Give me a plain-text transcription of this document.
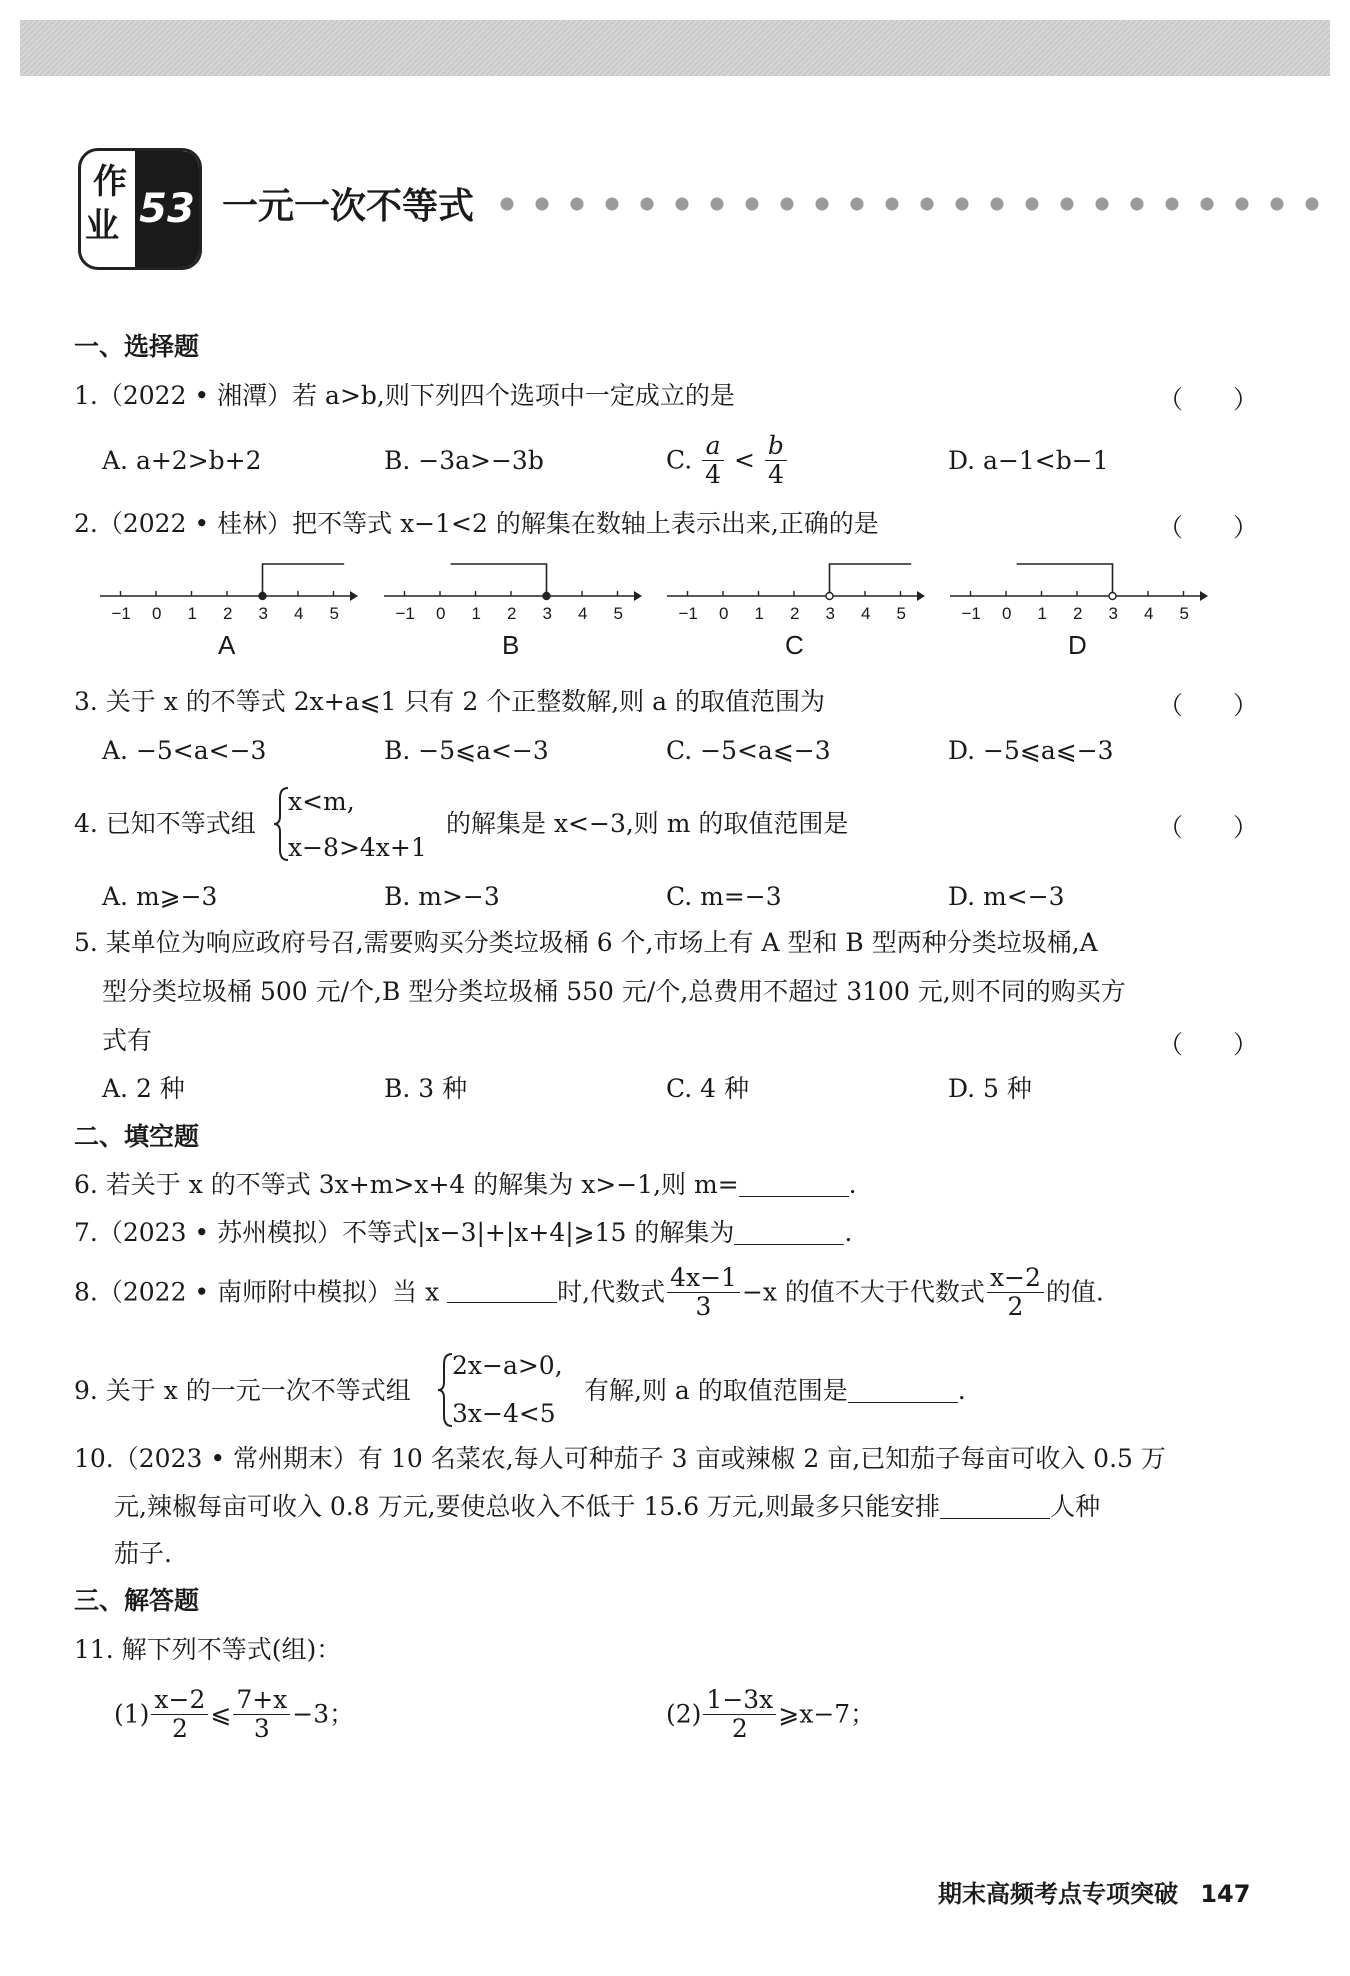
作
业 53 一元一次不等式
一、选择题
1.（2022 • 湘潭）若 a>b,则下列四个选项中一定成立的是	（　　）
A. a+2>b+2	B. −3a>−3b	C. $\frac{a}{4} < \frac{b}{4}$	D. a−1<b−1
2.（2022 • 桂林）把不等式 x−1<2 的解集在数轴上表示出来,正确的是	（　　）
−1 0 1 2 3 4 5
A
−1 0 1 2 3 4 5
B
−1 0 1 2 3 4 5
C
−1 0 1 2 3 4 5
D
3. 关于 x 的不等式 2x+a⩽1 只有 2 个正整数解,则 a 的取值范围为	（　　）
A. −5<a<−3	B. −5⩽a<−3	C. −5<a⩽−3	D. −5⩽a⩽−3
4. 已知不等式组
x<m,
x−8>4x+1
的解集是 x<−3,则 m 的取值范围是	（　　）
A. m⩾−3	B. m>−3	C. m=−3	D. m<−3
5. 某单位为响应政府号召,需要购买分类垃圾桶 6 个,市场上有 A 型和 B 型两种分类垃圾桶,A
型分类垃圾桶 500 元/个,B 型分类垃圾桶 550 元/个,总费用不超过 3100 元,则不同的购买方
式有	（　　）
A. 2 种	B. 3 种	C. 4 种	D. 5 种
二、填空题
6. 若关于 x 的不等式 3x+m>x+4 的解集为 x>−1,则 m=	.
7.（2023 • 苏州模拟）不等式|x−3|+|x+4|⩾15 的解集为	.
8.（2022 • 南师附中模拟）当 x	时,代数式 $\frac{4x-1}{3} -x$ 的值不大于代数式 $\frac{x-2}{2}$ 的值.
9. 关于 x 的一元一次不等式组
2x−a>0,
3x−4<5
有解,则 a 的取值范围是	.
10.（2023 • 常州期末）有 10 名菜农,每人可种茄子 3 亩或辣椒 2 亩,已知茄子每亩可收入 0.5 万
元,辣椒每亩可收入 0.8 万元,要使总收入不低于 15.6 万元,则最多只能安排	人种
茄子.
三、解答题
11. 解下列不等式(组)：
$(1) \frac{x-2}{2}$ ⩽ $\frac{7+x}{3} -3$；	$(2) \frac{1-3x}{2}$ ⩾x−7；
期末高频考点专项突破 147
